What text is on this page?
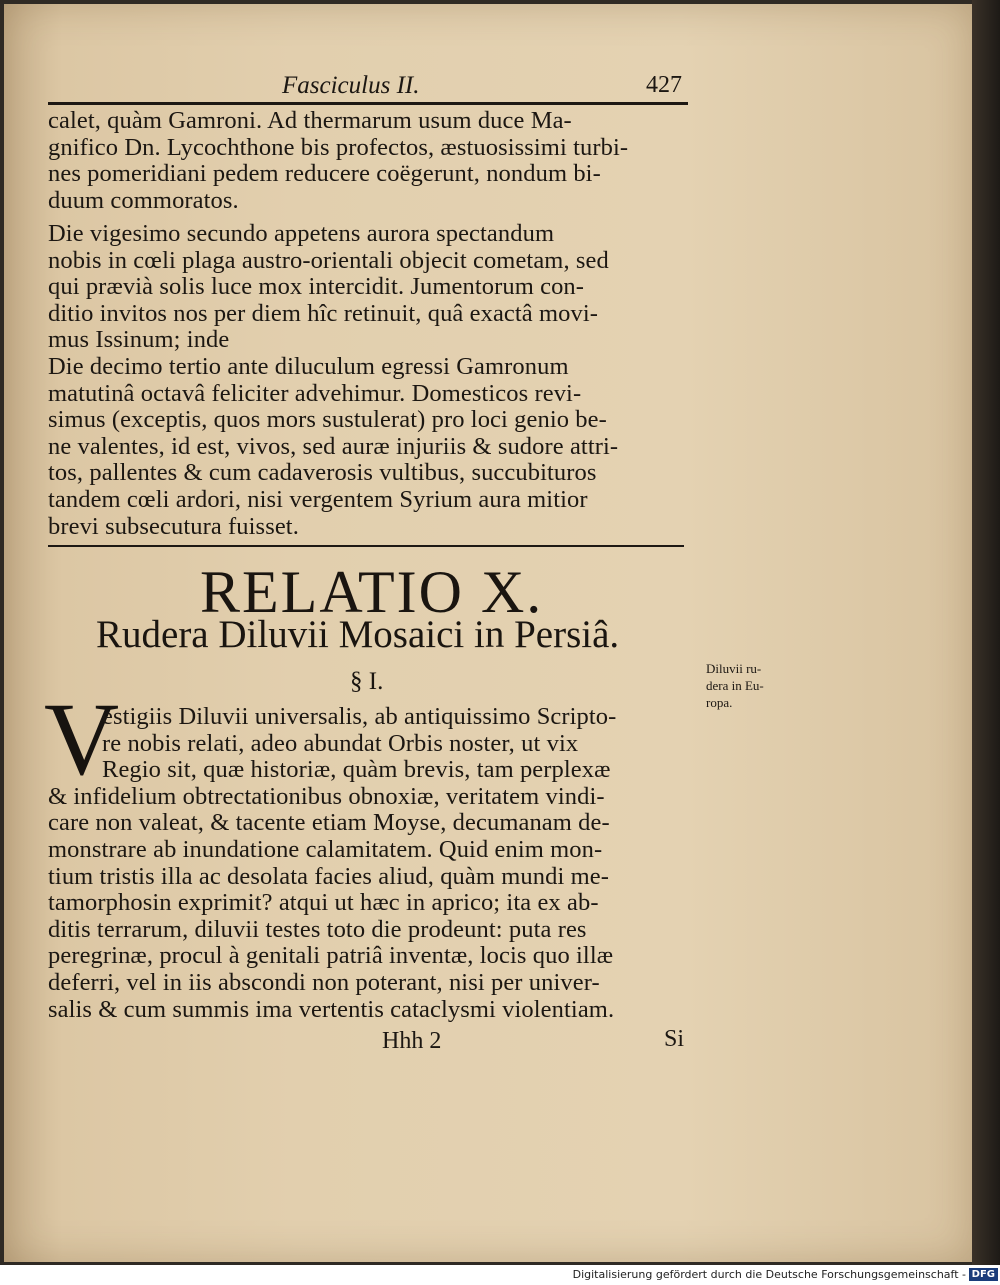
Fasciculus II.	427
calet, quàm Gamroni. Ad thermarum usum duce Ma-
gnifico Dn. Lycochthone bis profectos, æstuosissimi turbi-
nes pomeridiani pedem reducere coëgerunt, nondum bi-
duum commoratos.
Die vigesimo secundo appetens aurora spectandum
nobis in cœli plaga austro-orientali objecit cometam, sed
qui prævià solis luce mox intercidit. Jumentorum con-
ditio invitos nos per diem hîc retinuit, quâ exactâ movi-
mus Issinum; inde
Die decimo tertio ante diluculum egressi Gamronum
matutinâ octavâ feliciter advehimur. Domesticos revi-
simus (exceptis, quos mors sustulerat) pro loci genio be-
ne valentes, id est, vivos, sed auræ injuriis & sudore attri-
tos, pallentes & cum cadaverosis vultibus, succubituros
tandem cœli ardori, nisi vergentem Syrium aura mitior
brevi subsecutura fuisset.
RELATIO X.
Rudera Diluvii Mosaici in Persiâ.
§ I.	Diluvii ru-
dera in Eu-
ropa.
V
estigiis Diluvii universalis, ab antiquissimo Scripto-
re nobis relati, adeo abundat Orbis noster, ut vix
Regio sit, quæ historiæ, quàm brevis, tam perplexæ
& infidelium obtrectationibus obnoxiæ, veritatem vindi-
care non valeat, & tacente etiam Moyse, decumanam de-
monstrare ab inundatione calamitatem. Quid enim mon-
tium tristis illa ac desolata facies aliud, quàm mundi me-
tamorphosin exprimit? atqui ut hæc in aprico; ita ex ab-
ditis terrarum, diluvii testes toto die prodeunt: puta res
peregrinæ, procul à genitali patriâ inventæ, locis quo illæ
deferri, vel in iis abscondi non poterant, nisi per univer-
salis & cum summis ima vertentis cataclysmi violentiam.
Hhh 2	Si
Digitalisierung gefördert durch die Deutsche Forschungsgemeinschaft - DFG
